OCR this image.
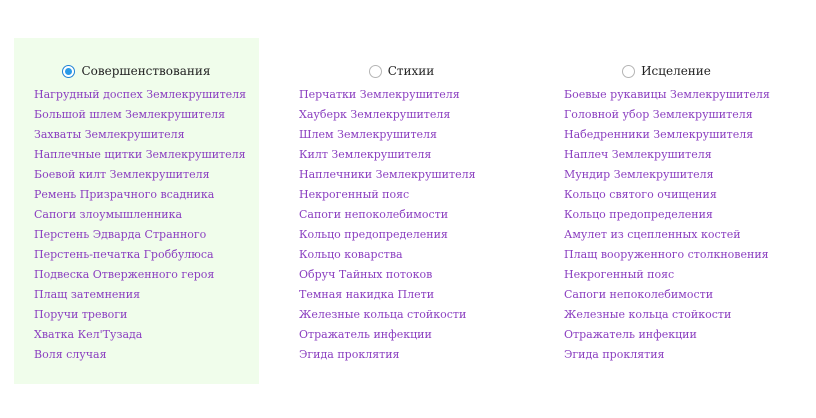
Совершенствования
Нагрудный доспех Землекрушителя
Большой шлем Землекрушителя
Захваты Землекрушителя
Наплечные щитки Землекрушителя
Боевой килт Землекрушителя
Ремень Призрачного всадника
Сапоги злоумышленника
Перстень Эдварда Странного
Перстень-печатка Гроббулюса
Подвеска Отверженного героя
Плащ затемнения
Поручи тревоги
Хватка Кел'Тузада
Воля случая
Стихии
Перчатки Землекрушителя
Хауберк Землекрушителя
Шлем Землекрушителя
Килт Землекрушителя
Наплечники Землекрушителя
Некрогенный пояс
Сапоги непоколебимости
Кольцо предопределения
Кольцо коварства
Обруч Тайных потоков
Темная накидка Плети
Железные кольца стойкости
Отражатель инфекции
Эгида проклятия
Исцеление
Боевые рукавицы Землекрушителя
Головной убор Землекрушителя
Набедренники Землекрушителя
Наплеч Землекрушителя
Мундир Землекрушителя
Кольцо святого очищения
Кольцо предопределения
Амулет из сцепленных костей
Плащ вооруженного столкновения
Некрогенный пояс
Сапоги непоколебимости
Железные кольца стойкости
Отражатель инфекции
Эгида проклятия
